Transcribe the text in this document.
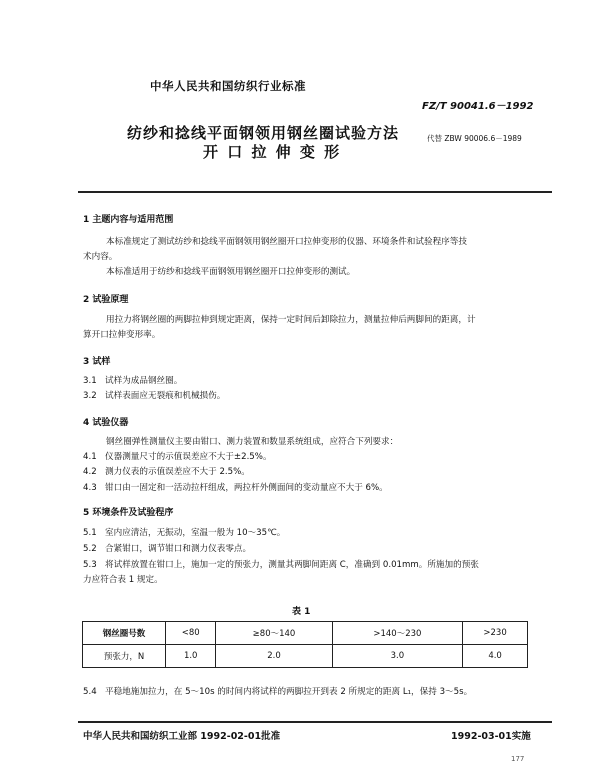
中华人民共和国纺织行业标准
FZ/T 90041.6－1992
纺纱和捻线平面钢领用钢丝圈试验方法
开 口 拉 伸 变 形
代替 ZBW 90006.6－1989
1 主题内容与适用范围
本标准规定了测试纺纱和捻线平面钢领用钢丝圈开口拉伸变形的仪器、环境条件和试验程序等技
术内容。
本标准适用于纺纱和捻线平面钢领用钢丝圈开口拉伸变形的测试。
2 试验原理
用拉力将钢丝圈的两脚拉伸到规定距离，保持一定时间后卸除拉力，测量拉伸后两脚间的距离，计
算开口拉伸变形率。
3 试样
3.1 试样为成品钢丝圈。
3.2 试样表面应无裂痕和机械损伤。
4 试验仪器
钢丝圈弹性测量仪主要由钳口、测力装置和数显系统组成，应符合下列要求：
4.1 仪器测量尺寸的示值误差应不大于±2.5%。
4.2 测力仪表的示值误差应不大于 2.5%。
4.3 钳口由一固定和一活动拉杆组成，两拉杆外侧面间的变动量应不大于 6%。
5 环境条件及试验程序
5.1 室内应清洁，无振动，室温一般为 10～35℃。
5.2 合紧钳口，调节钳口和测力仪表零点。
5.3 将试样放置在钳口上，施加一定的预张力，测量其两脚间距离 C，准确到 0.01mm。所施加的预张
力应符合表 1 规定。
表 1
钢丝圈号数	<80	≥80～140	>140～230	>230
预张力，N	1.0	2.0	3.0	4.0
5.4 平稳地施加拉力，在 5～10s 的时间内将试样的两脚拉开到表 2 所规定的距离 L₁，保持 3～5s。
中华人民共和国纺织工业部 1992-02-01批准	1992-03-01实施
177
